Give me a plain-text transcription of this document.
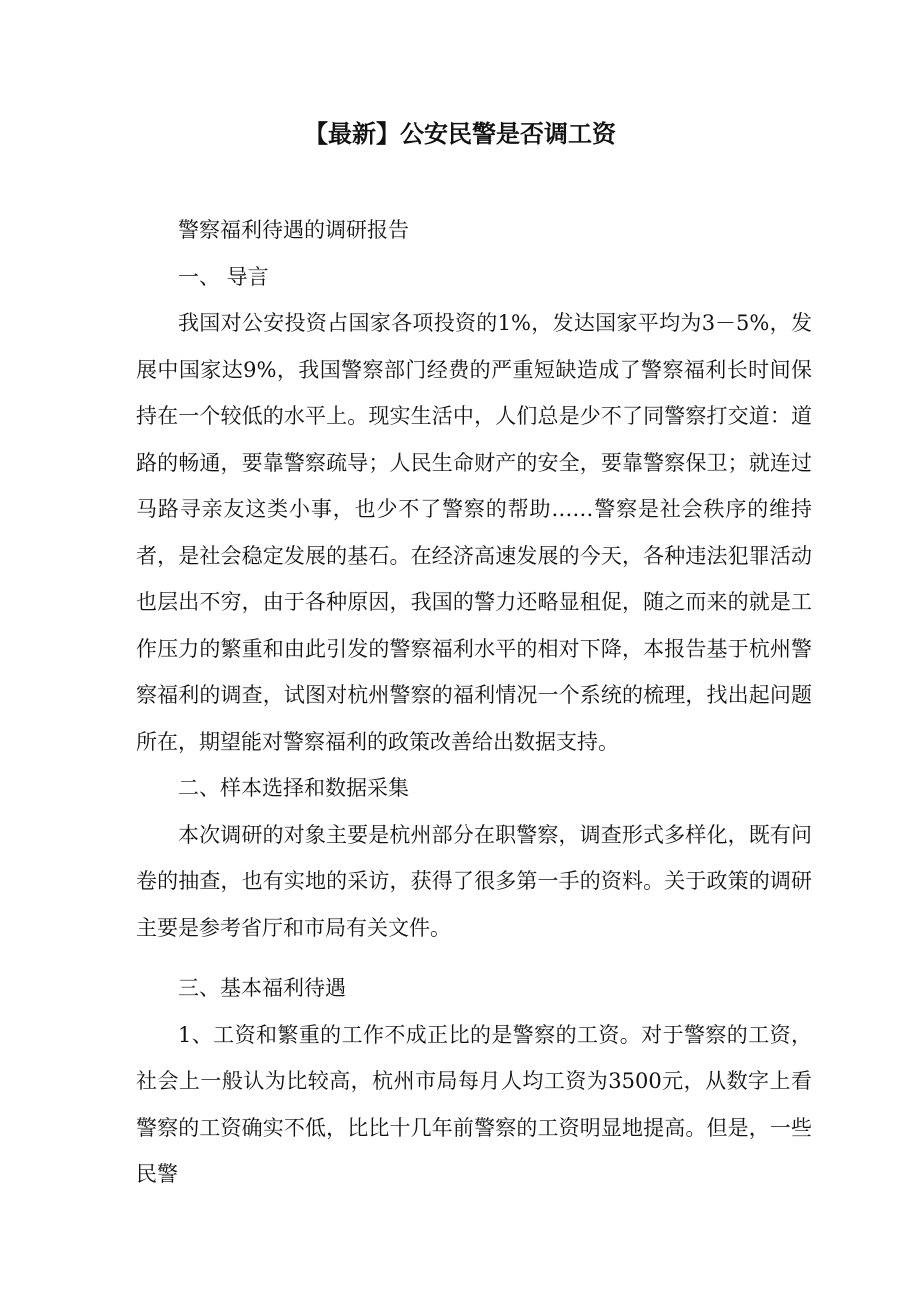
【最新】公安民警是否调工资

警察福利待遇的调研报告

一、 导言

我国对公安投资占国家各项投资的1%，发达国家平均为3－5%，发展中国家达9%，我国警察部门经费的严重短缺造成了警察福利长时间保持在一个较低的水平上。现实生活中，人们总是少不了同警察打交道：道路的畅通，要靠警察疏导；人民生命财产的安全，要靠警察保卫；就连过马路寻亲友这类小事，也少不了警察的帮助……警察是社会秩序的维持者，是社会稳定发展的基石。在经济高速发展的今天，各种违法犯罪活动也层出不穷，由于各种原因，我国的警力还略显租促，随之而来的就是工作压力的繁重和由此引发的警察福利水平的相对下降，本报告基于杭州警察福利的调查，试图对杭州警察的福利情况一个系统的梳理，找出起问题所在，期望能对警察福利的政策改善给出数据支持。

二、样本选择和数据采集

本次调研的对象主要是杭州部分在职警察，调查形式多样化，既有问卷的抽查，也有实地的采访，获得了很多第一手的资料。关于政策的调研主要是参考省厅和市局有关文件。

三、基本福利待遇

1、工资和繁重的工作不成正比的是警察的工资。对于警察的工资，社会上一般认为比较高，杭州市局每月人均工资为3500元，从数字上看警察的工资确实不低，比比十几年前警察的工资明显地提高。但是，一些民警
